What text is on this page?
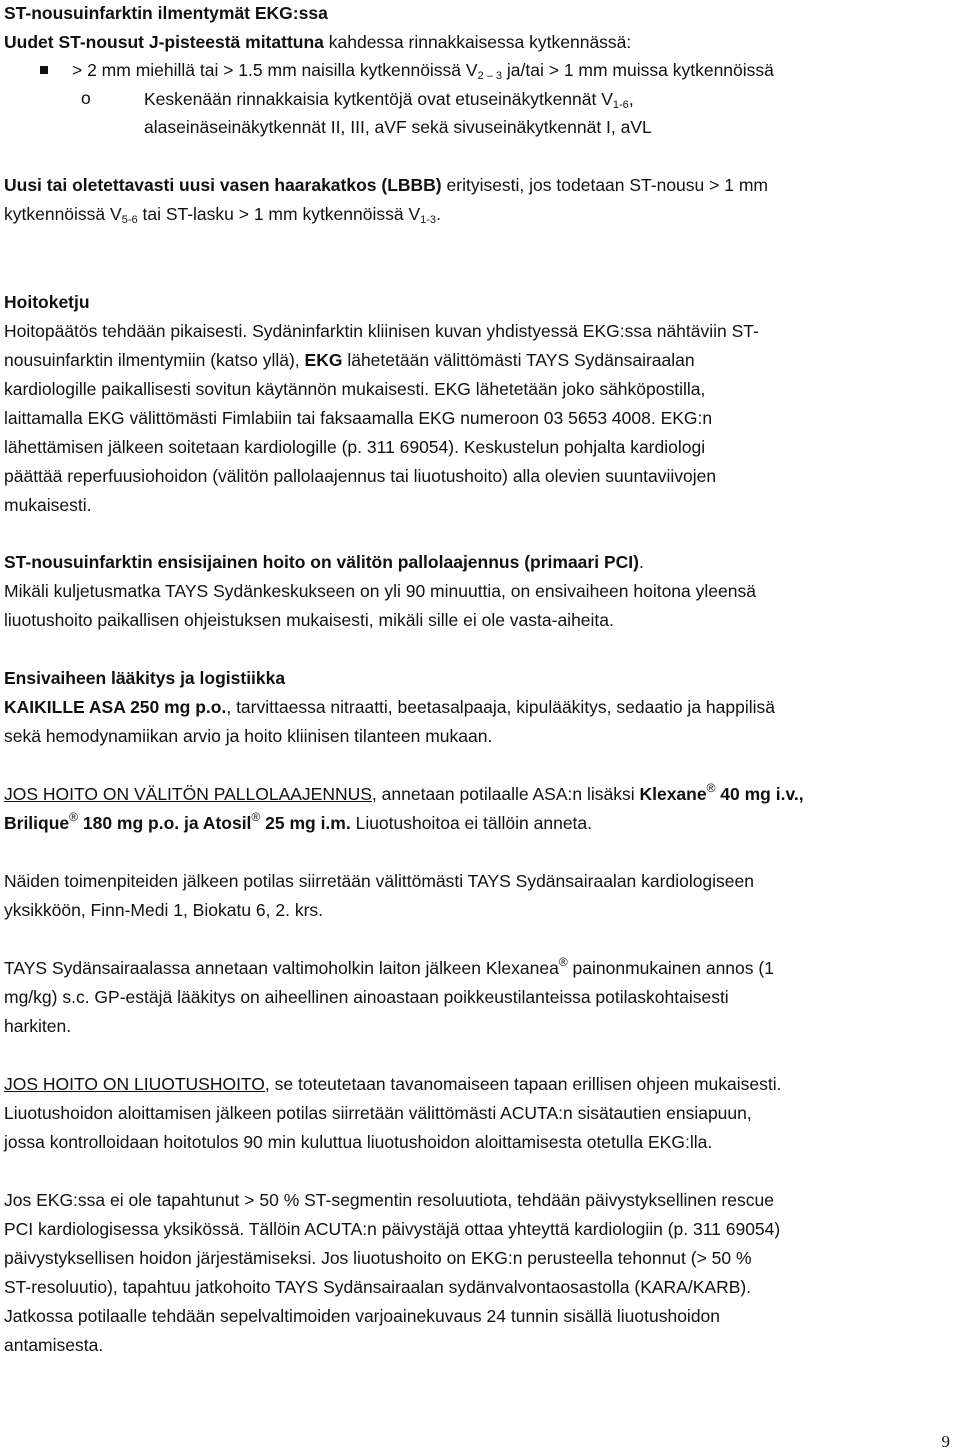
ST-nousuinfarktin ilmentymät EKG:ssa
Uudet ST-nousut J-pisteestä mitattuna kahdessa rinnakkaisessa kytkennässä:
> 2 mm miehillä tai > 1.5 mm naisilla kytkennöissä $V_{2 - 3}$ ja/tai > 1 mm muissa kytkennöissä
o	Keskenään rinnakkaisia kytkentöjä ovat etuseinäkytkennät $V_{1-6}$,
alaseinäseinäkytkennät II, III, aVF sekä sivuseinäkytkennät I, aVL
Uusi tai oletettavasti uusi vasen haarakatkos (LBBB) erityisesti, jos todetaan ST-nousu > 1 mm
kytkennöissä $V_{5-6}$ tai ST-lasku > 1 mm kytkennöissä $V_{1-3}$.
Hoitoketju
Hoitopäätös tehdään pikaisesti. Sydäninfarktin kliinisen kuvan yhdistyessä EKG:ssa nähtäviin ST-
nousuinfarktin ilmentymiin (katso yllä), EKG lähetetään välittömästi TAYS Sydänsairaalan
kardiologille paikallisesti sovitun käytännön mukaisesti. EKG lähetetään joko sähköpostilla,
laittamalla EKG välittömästi Fimlabiin tai faksaamalla EKG numeroon 03 5653 4008. EKG:n
lähettämisen jälkeen soitetaan kardiologille (p. 311 69054). Keskustelun pohjalta kardiologi
päättää reperfuusiohoidon (välitön pallolaajennus tai liuotushoito) alla olevien suuntaviivojen
mukaisesti.
ST-nousuinfarktin ensisijainen hoito on välitön pallolaajennus (primaari PCI).
Mikäli kuljetusmatka TAYS Sydänkeskukseen on yli 90 minuuttia, on ensivaiheen hoitona yleensä
liuotushoito paikallisen ohjeistuksen mukaisesti, mikäli sille ei ole vasta-aiheita.
Ensivaiheen lääkitys ja logistiikka
KAIKILLE ASA 250 mg p.o., tarvittaessa nitraatti, beetasalpaaja, kipulääkitys, sedaatio ja happilisä
sekä hemodynamiikan arvio ja hoito kliinisen tilanteen mukaan.
JOS HOITO ON VÄLITÖN PALLOLAAJENNUS, annetaan potilaalle ASA:n lisäksi Klexane® 40 mg i.v.,
Brilique® 180 mg p.o. ja Atosil® 25 mg i.m. Liuotushoitoa ei tällöin anneta.
Näiden toimenpiteiden jälkeen potilas siirretään välittömästi TAYS Sydänsairaalan kardiologiseen
yksikköön, Finn-Medi 1, Biokatu 6, 2. krs.
TAYS Sydänsairaalassa annetaan valtimoholkin laiton jälkeen Klexanea® painonmukainen annos (1
mg/kg) s.c. GP-estäjä lääkitys on aiheellinen ainoastaan poikkeustilanteissa potilaskohtaisesti
harkiten.
JOS HOITO ON LIUOTUSHOITO, se toteutetaan tavanomaiseen tapaan erillisen ohjeen mukaisesti.
Liuotushoidon aloittamisen jälkeen potilas siirretään välittömästi ACUTA:n sisätautien ensiapuun,
jossa kontrolloidaan hoitotulos 90 min kuluttua liuotushoidon aloittamisesta otetulla EKG:lla.
Jos EKG:ssa ei ole tapahtunut > 50 % ST-segmentin resoluutiota, tehdään päivystyksellinen rescue
PCI kardiologisessa yksikössä. Tällöin ACUTA:n päivystäjä ottaa yhteyttä kardiologiin (p. 311 69054)
päivystyksellisen hoidon järjestämiseksi. Jos liuotushoito on EKG:n perusteella tehonnut (> 50 %
ST-resoluutio), tapahtuu jatkohoito TAYS Sydänsairaalan sydänvalvontaosastolla (KARA/KARB).
Jatkossa potilaalle tehdään sepelvaltimoiden varjoainekuvaus 24 tunnin sisällä liuotushoidon
antamisesta.
9
